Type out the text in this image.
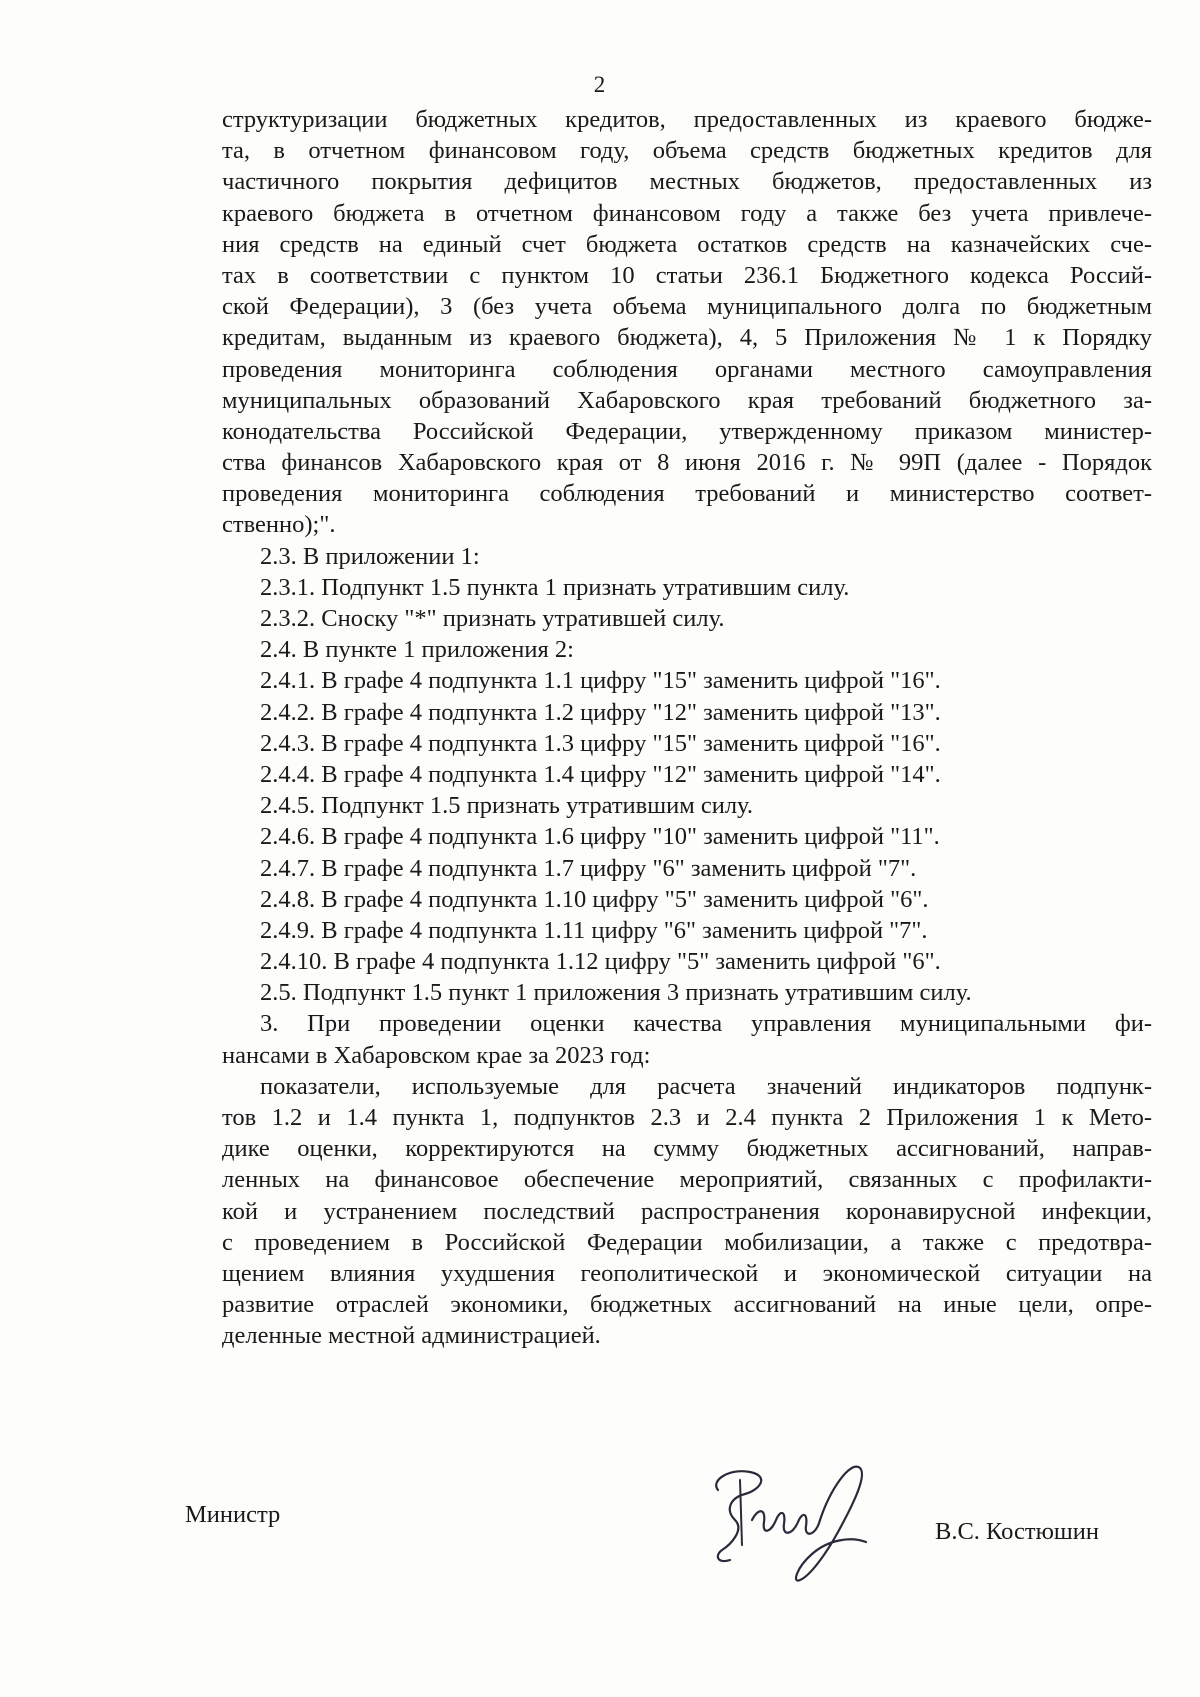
2
структуризации бюджетных кредитов, предоставленных из краевого бюдже-
та, в отчетном финансовом году, объема средств бюджетных кредитов для
частичного покрытия дефицитов местных бюджетов, предоставленных из
краевого бюджета в отчетном финансовом году а также без учета привлече-
ния средств на единый счет бюджета остатков средств на казначейских сче-
тах в соответствии с пунктом 10 статьи 236.1 Бюджетного кодекса Россий-
ской Федерации), 3 (без учета объема муниципального долга по бюджетным
кредитам, выданным из краевого бюджета), 4, 5 Приложения № 1 к Порядку
проведения мониторинга соблюдения органами местного самоуправления
муниципальных образований Хабаровского края требований бюджетного за-
конодательства Российской Федерации, утвержденному приказом министер-
ства финансов Хабаровского края от 8 июня 2016 г. № 99П (далее - Порядок
проведения мониторинга соблюдения требований и министерство соответ-
ственно);".
2.3. В приложении 1:
2.3.1. Подпункт 1.5 пункта 1 признать утратившим силу.
2.3.2. Сноску "*" признать утратившей силу.
2.4. В пункте 1 приложения 2:
2.4.1. В графе 4 подпункта 1.1 цифру "15" заменить цифрой "16".
2.4.2. В графе 4 подпункта 1.2 цифру "12" заменить цифрой "13".
2.4.3. В графе 4 подпункта 1.3 цифру "15" заменить цифрой "16".
2.4.4. В графе 4 подпункта 1.4 цифру "12" заменить цифрой "14".
2.4.5. Подпункт 1.5 признать утратившим силу.
2.4.6. В графе 4 подпункта 1.6 цифру "10" заменить цифрой "11".
2.4.7. В графе 4 подпункта 1.7 цифру "6" заменить цифрой "7".
2.4.8. В графе 4 подпункта 1.10 цифру "5" заменить цифрой "6".
2.4.9. В графе 4 подпункта 1.11 цифру "6" заменить цифрой "7".
2.4.10. В графе 4 подпункта 1.12 цифру "5" заменить цифрой "6".
2.5. Подпункт 1.5 пункт 1 приложения 3 признать утратившим силу.
3. При проведении оценки качества управления муниципальными фи-
нансами в Хабаровском крае за 2023 год:
показатели, используемые для расчета значений индикаторов подпунк-
тов 1.2 и 1.4 пункта 1, подпунктов 2.3 и 2.4 пункта 2 Приложения 1 к Мето-
дике оценки, корректируются на сумму бюджетных ассигнований, направ-
ленных на финансовое обеспечение мероприятий, связанных с профилакти-
кой и устранением последствий распространения коронавирусной инфекции,
с проведением в Российской Федерации мобилизации, а также с предотвра-
щением влияния ухудшения геополитической и экономической ситуации на
развитие отраслей экономики, бюджетных ассигнований на иные цели, опре-
деленные местной администрацией.
Министр
В.С. Костюшин
